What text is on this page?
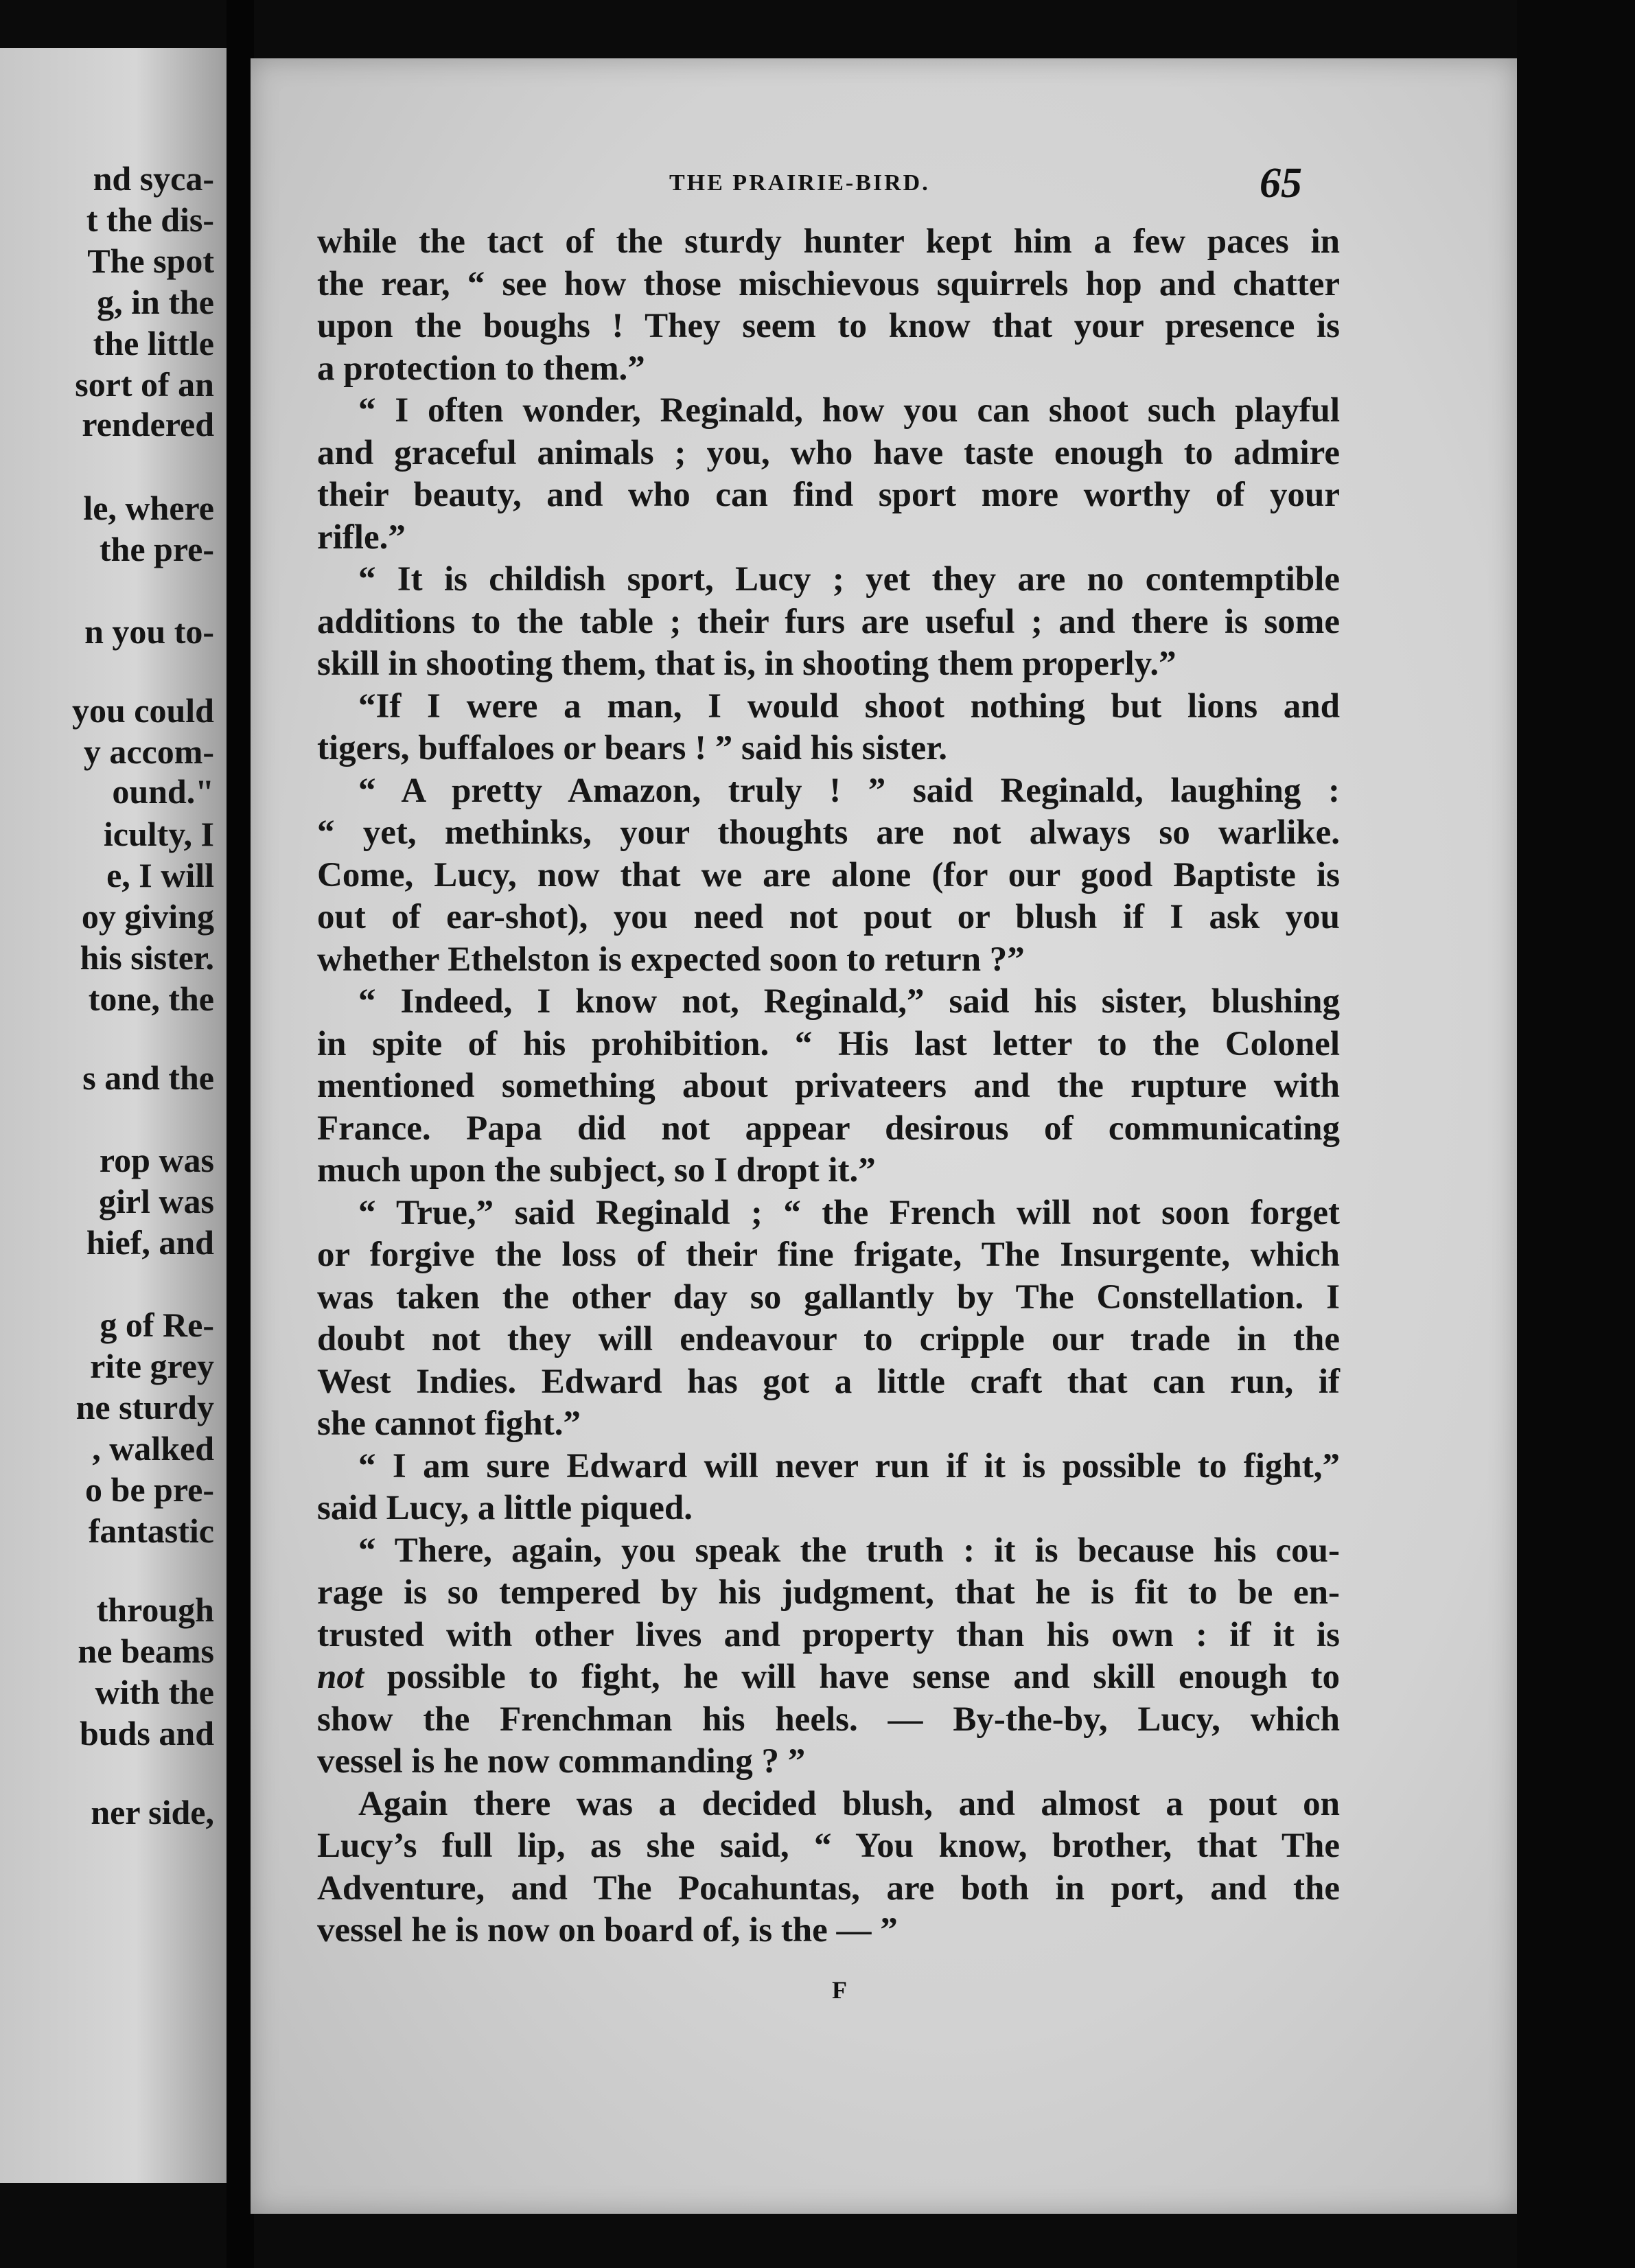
nd syca-
t the dis-
The spot
g, in the
the little
sort of an
rendered
le, where
the pre-
n you to-
you could
y accom-
ound."
iculty, I
e, I will
oy giving
his sister.
tone, the
s and the
rop was
girl was
hief, and
g of Re-
rite grey
ne sturdy
, walked
o be pre-
fantastic
through
ne beams
with the
buds and
ner side,
THE PRAIRIE-BIRD.	65
while the tact of the sturdy hunter kept him a few paces in
the rear, “ see how those mischievous squirrels hop and chatter
upon the boughs ! They seem to know that your presence is
a protection to them.”
“ I often wonder, Reginald, how you can shoot such playful
and graceful animals ; you, who have taste enough to admire
their beauty, and who can find sport more worthy of your
rifle.”
“ It is childish sport, Lucy ; yet they are no contemptible
additions to the table ; their furs are useful ; and there is some
skill in shooting them, that is, in shooting them properly.”
“If I were a man, I would shoot nothing but lions and
tigers, buffaloes or bears ! ” said his sister.
“ A pretty Amazon, truly ! ” said Reginald, laughing :
“ yet, methinks, your thoughts are not always so warlike.
Come, Lucy, now that we are alone (for our good Baptiste is
out of ear-shot), you need not pout or blush if I ask you
whether Ethelston is expected soon to return ?”
“ Indeed, I know not, Reginald,” said his sister, blushing
in spite of his prohibition. “ His last letter to the Colonel
mentioned something about privateers and the rupture with
France. Papa did not appear desirous of communicating
much upon the subject, so I dropt it.”
“ True,” said Reginald ; “ the French will not soon forget
or forgive the loss of their fine frigate, The Insurgente, which
was taken the other day so gallantly by The Constellation. I
doubt not they will endeavour to cripple our trade in the
West Indies. Edward has got a little craft that can run, if
she cannot fight.”
“ I am sure Edward will never run if it is possible to fight,”
said Lucy, a little piqued.
“ There, again, you speak the truth : it is because his cou-
rage is so tempered by his judgment, that he is fit to be en-
trusted with other lives and property than his own : if it is
not possible to fight, he will have sense and skill enough to
show the Frenchman his heels. — By-the-by, Lucy, which
vessel is he now commanding ? ”
Again there was a decided blush, and almost a pout on
Lucy’s full lip, as she said, “ You know, brother, that The
Adventure, and The Pocahuntas, are both in port, and the
vessel he is now on board of, is the — ”
F
